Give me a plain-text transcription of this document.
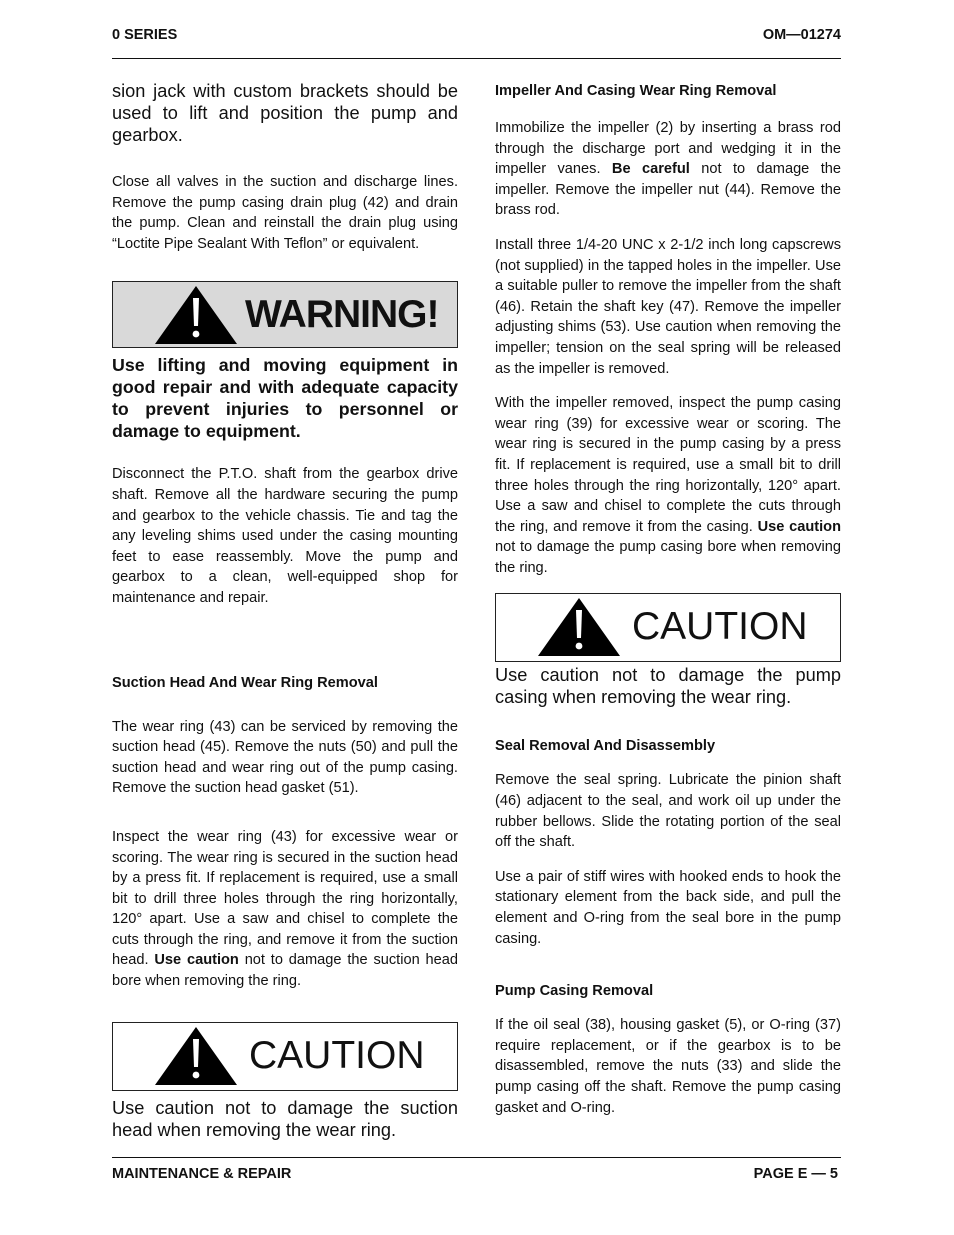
0 SERIES	OM—01274

sion jack with custom brackets should be used to lift and position the pump and gearbox.

Close all valves in the suction and discharge lines. Remove the pump casing drain plug (42) and drain the pump. Clean and reinstall the drain plug using “Loctite Pipe Sealant With Teflon” or equivalent.

WARNING!

Use lifting and moving equipment in good repair and with adequate capacity to prevent injuries to personnel or damage to equipment.

Disconnect the P.T.O. shaft from the gearbox drive shaft. Remove all the hardware securing the pump and gearbox to the vehicle chassis. Tie and tag the any leveling shims used under the casing mounting feet to ease reassembly. Move the pump and gearbox to a clean, well-equipped shop for maintenance and repair.

Suction Head And Wear Ring Removal

The wear ring (43) can be serviced by removing the suction head (45). Remove the nuts (50) and pull the suction head and wear ring out of the pump casing. Remove the suction head gasket (51).

Inspect the wear ring (43) for excessive wear or scoring. The wear ring is secured in the suction head by a press fit. If replacement is required, use a small bit to drill three holes through the ring horizontally, 120° apart. Use a saw and chisel to complete the cuts through the ring, and remove it from the suction head. Use caution not to damage the suction head bore when removing the ring.

CAUTION

Use caution not to damage the suction head when removing the wear ring.

Impeller And Casing Wear Ring Removal

Immobilize the impeller (2) by inserting a brass rod through the discharge port and wedging it in the impeller vanes. Be careful not to damage the impeller. Remove the impeller nut (44). Remove the brass rod.

Install three 1/4-20 UNC x 2-1/2 inch long capscrews (not supplied) in the tapped holes in the impeller. Use a suitable puller to remove the impeller from the shaft (46). Retain the shaft key (47). Remove the impeller adjusting shims (53). Use caution when removing the impeller; tension on the seal spring will be released as the impeller is removed.

With the impeller removed, inspect the pump casing wear ring (39) for excessive wear or scoring. The wear ring is secured in the pump casing by a press fit. If replacement is required, use a small bit to drill three holes through the ring horizontally, 120° apart. Use a saw and chisel to complete the cuts through the ring, and remove it from the casing. Use caution not to damage the pump casing bore when removing the ring.

CAUTION

Use caution not to damage the pump casing when removing the wear ring.

Seal Removal And Disassembly

Remove the seal spring. Lubricate the pinion shaft (46) adjacent to the seal, and work oil up under the rubber bellows. Slide the rotating portion of the seal off the shaft.

Use a pair of stiff wires with hooked ends to hook the stationary element from the back side, and pull the element and O-ring from the seal bore in the pump casing.

Pump Casing Removal

If the oil seal (38), housing gasket (5), or O-ring (37) require replacement, or if the gearbox is to be disassembled, remove the nuts (33) and slide the pump casing off the shaft. Remove the pump casing gasket and O-ring.

MAINTENANCE & REPAIR	PAGE E — 5
